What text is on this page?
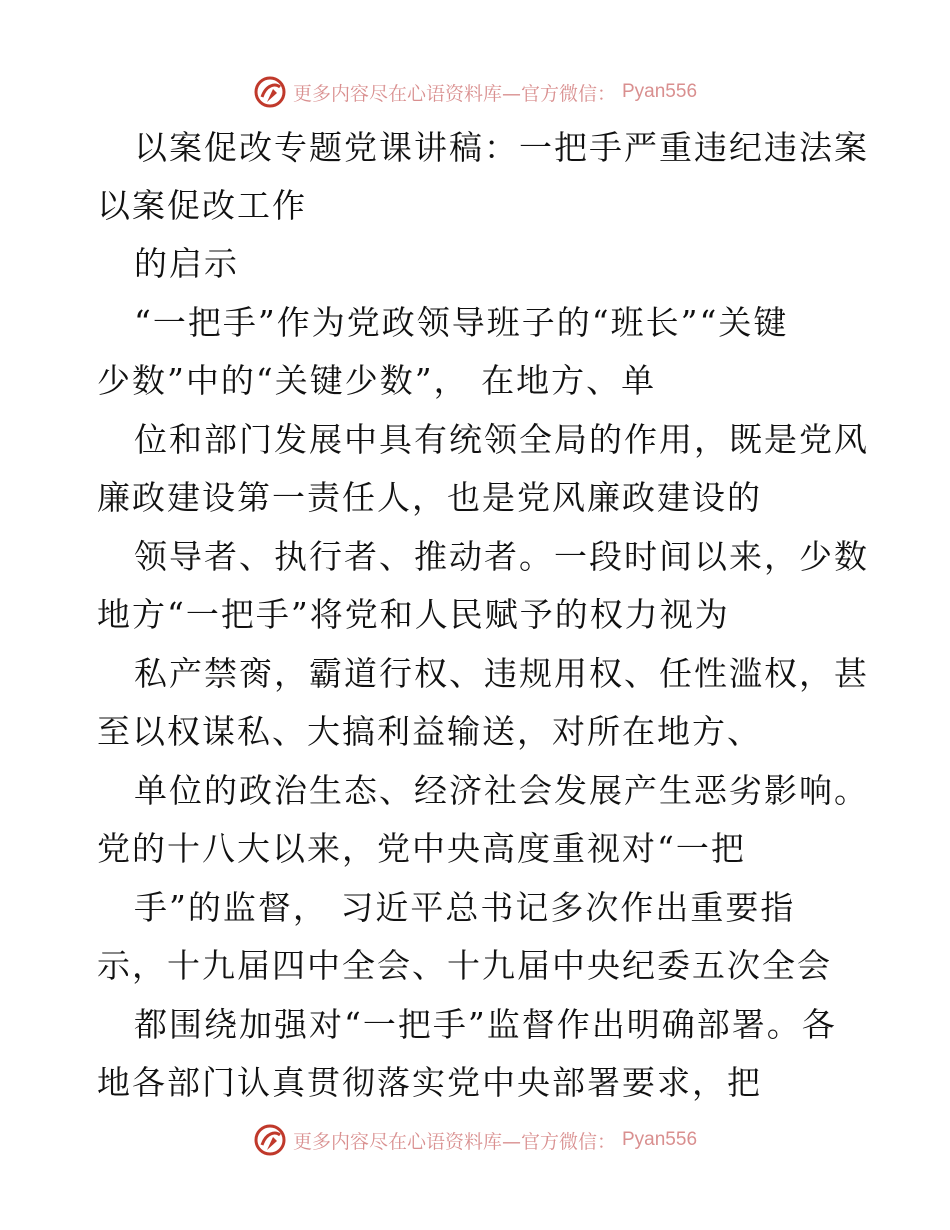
更多内容尽在心语资料库—官方微信： Pyan556
以案促改专题党课讲稿：一把手严重违纪违法案
以案促改工作
的启示
“一把手”作为党政领导班子的“班长”“关键
少数”中的“关键少数”， 在地方、单
位和部门发展中具有统领全局的作用，既是党风
廉政建设第一责任人，也是党风廉政建设的
领导者、执行者、推动者。一段时间以来，少数
地方“一把手”将党和人民赋予的权力视为
私产禁脔，霸道行权、违规用权、任性滥权，甚
至以权谋私、大搞利益输送，对所在地方、
单位的政治生态、经济社会发展产生恶劣影响。
党的十八大以来，党中央高度重视对“一把
手”的监督， 习近平总书记多次作出重要指
示，十九届四中全会、十九届中央纪委五次全会
都围绕加强对“一把手”监督作出明确部署。各
地各部门认真贯彻落实党中央部署要求，把
更多内容尽在心语资料库—官方微信： Pyan556
